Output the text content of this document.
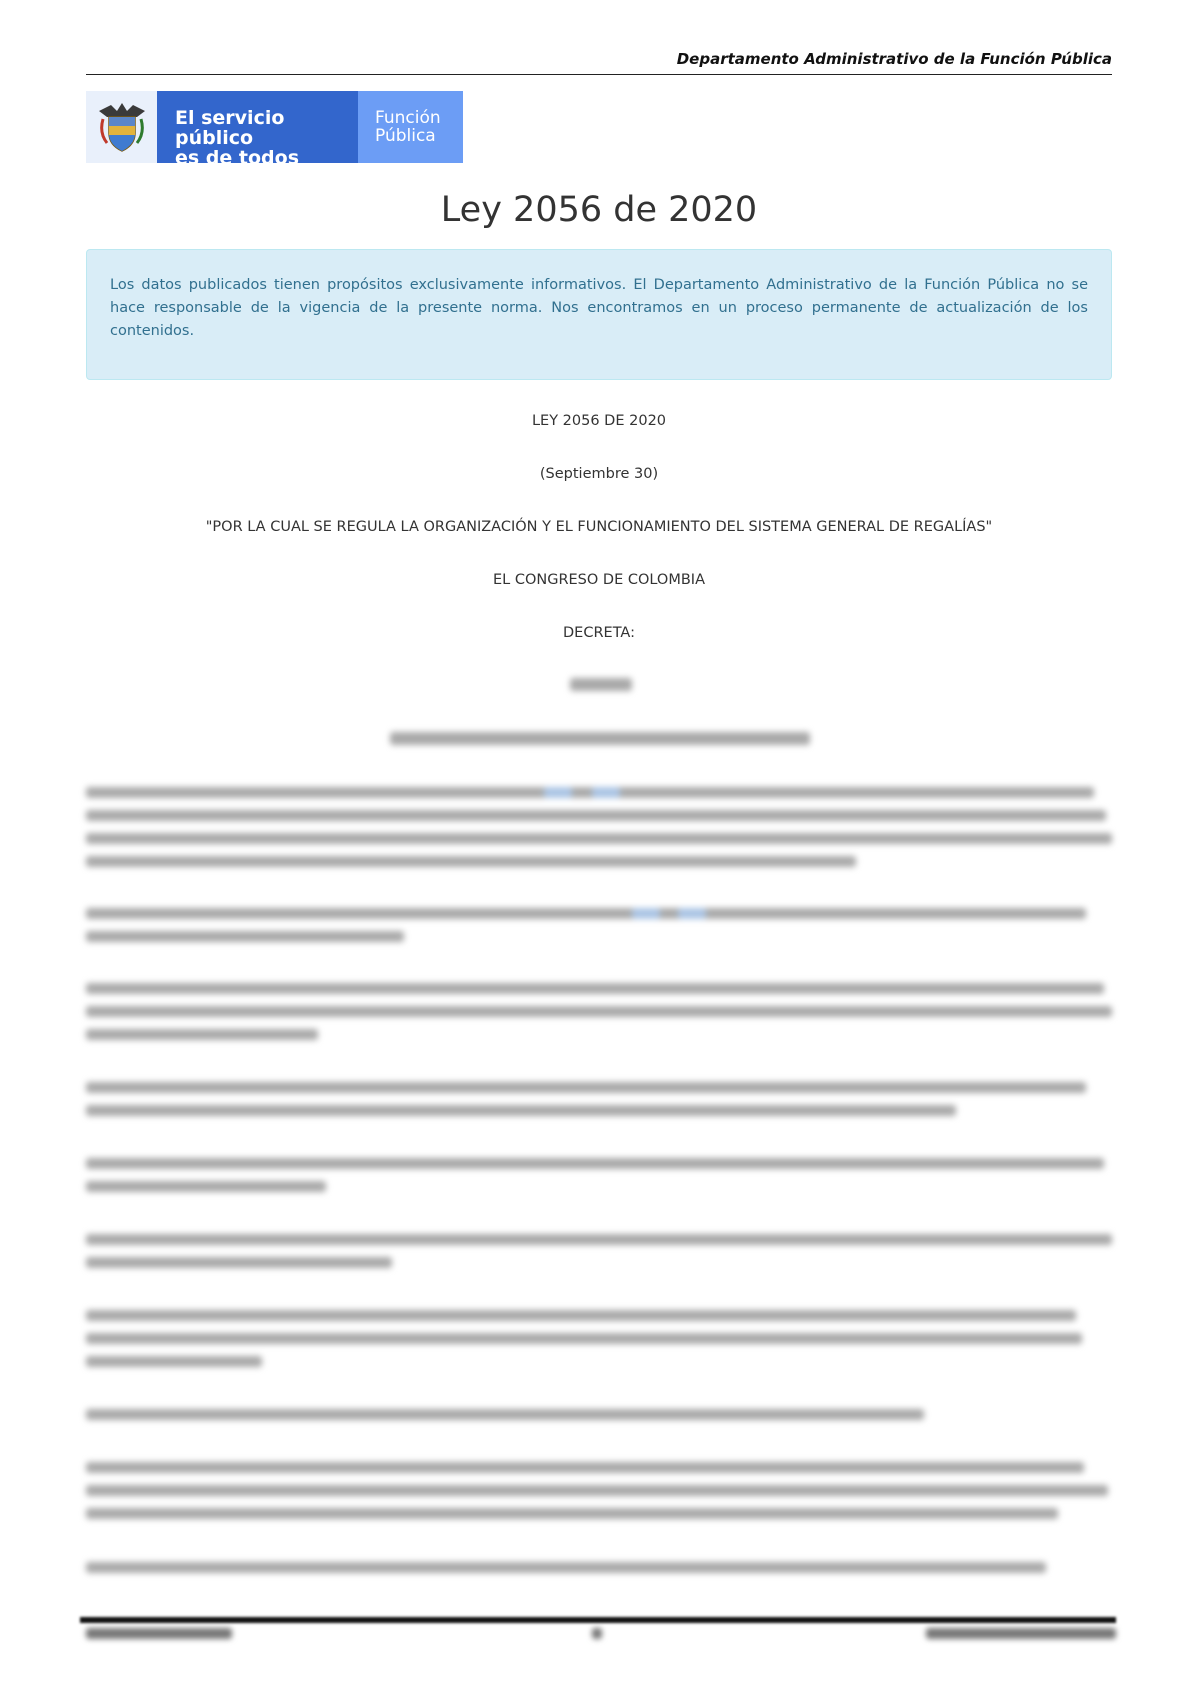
Departamento Administrativo de la Función Pública
El servicio público
es de todos
Función
Pública
Ley 2056 de 2020
Los datos publicados tienen propósitos exclusivamente informativos. El Departamento Administrativo de la Función Pública no se hace responsable de la vigencia de la presente norma. Nos encontramos en un proceso permanente de actualización de los contenidos.

LEY 2056 DE 2020

(Septiembre 30)

"POR LA CUAL SE REGULA LA ORGANIZACIÓN Y EL FUNCIONAMIENTO DEL SISTEMA GENERAL DE REGALÍAS"

EL CONGRESO DE COLOMBIA

DECRETA:
